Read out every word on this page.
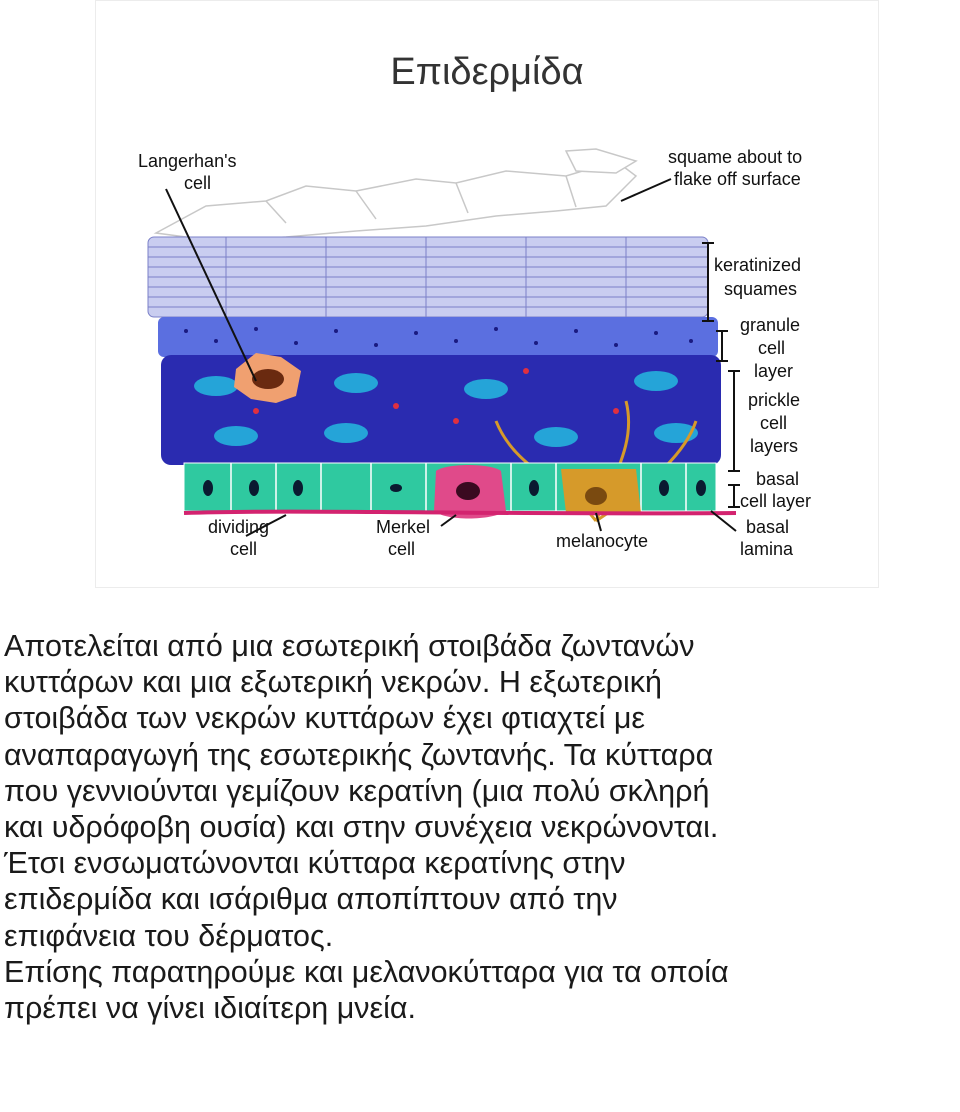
Επιδερμίδα
Langerhan's
cell
squame about to
flake off surface
keratinized
squames
granule
cell
layer
prickle
cell
layers
basal
cell layer
basal
lamina
dividing
cell
Merkel
cell	melanocyte

Αποτελείται από μια εσωτερική στοιβάδα ζωντανών
κυττάρων και μια εξωτερική νεκρών. Η εξωτερική
στοιβάδα των νεκρών κυττάρων έχει φτιαχτεί με
αναπαραγωγή της εσωτερικής ζωντανής. Τα κύτταρα
που γεννιούνται γεμίζουν κερατίνη (μια πολύ σκληρή
και υδρόφοβη ουσία) και στην συνέχεια νεκρώνονται.

Έτσι ενσωματώνονται κύτταρα κερατίνης στην
επιδερμίδα και ισάριθμα αποπίπτουν από την
επιφάνεια του δέρματος.

Επίσης παρατηρούμε και μελανοκύτταρα για τα οποία
πρέπει να γίνει ιδιαίτερη μνεία.
